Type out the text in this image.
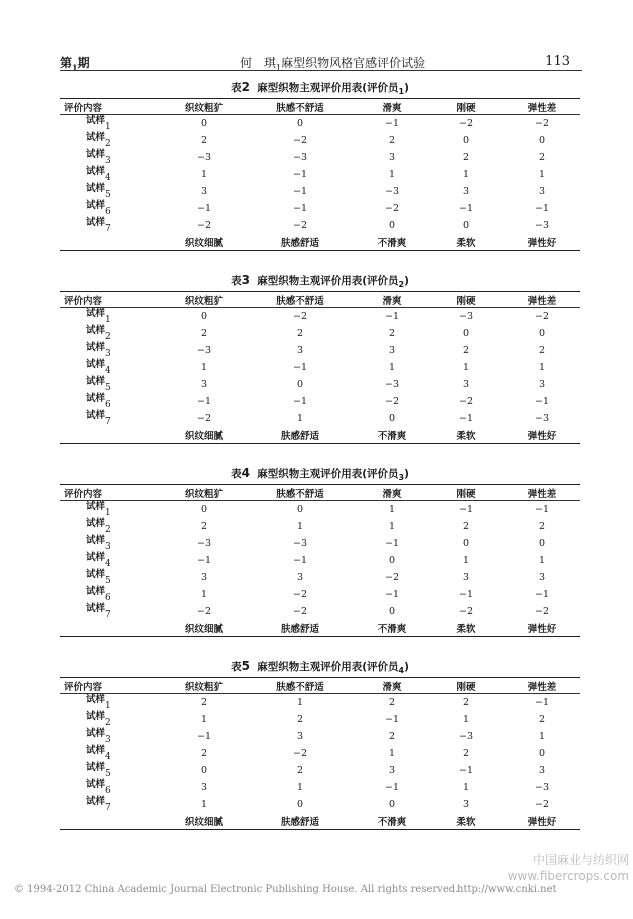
第$_1$期	何　琪$_1$麻型织物风格官感评价试验	113
表2 麻型织物主观评价用表(评价员$_1$)
评价内容	织纹粗犷	肤感不舒适	滑爽	刚硬	弹性差
试样$_1$	0	0	−1	−2	−2
试样$_2$	2	−2	2	0	0
试样$_3$	−3	−3	3	2	2
试样$_4$	1	−1	1	1	1
试样$_5$	3	−1	−3	3	3
试样$_6$	−1	−1	−2	−1	−1
试样$_7$	−2	−2	0	0	−3
	织纹细腻	肤感舒适	不滑爽	柔软	弹性好
表3 麻型织物主观评价用表(评价员$_2$)
评价内容	织纹粗犷	肤感不舒适	滑爽	刚硬	弹性差
试样$_1$	0	−2	−1	−3	−2
试样$_2$	2	2	2	0	0
试样$_3$	−3	3	3	2	2
试样$_4$	1	−1	1	1	1
试样$_5$	3	0	−3	3	3
试样$_6$	−1	−1	−2	−2	−1
试样$_7$	−2	1	0	−1	−3
	织纹细腻	肤感舒适	不滑爽	柔软	弹性好
表4 麻型织物主观评价用表(评价员$_3$)
评价内容	织纹粗犷	肤感不舒适	滑爽	刚硬	弹性差
试样$_1$	0	0	1	−1	−1
试样$_2$	2	1	1	2	2
试样$_3$	−3	−3	−1	0	0
试样$_4$	−1	−1	0	1	1
试样$_5$	3	3	−2	3	3
试样$_6$	1	−2	−1	−1	−1
试样$_7$	−2	−2	0	−2	−2
	织纹细腻	肤感舒适	不滑爽	柔软	弹性好
表5 麻型织物主观评价用表(评价员$_4$)
评价内容	织纹粗犷	肤感不舒适	滑爽	刚硬	弹性差
试样$_1$	2	1	2	2	−1
试样$_2$	1	2	−1	1	2
试样$_3$	−1	3	2	−3	1
试样$_4$	2	−2	1	2	0
试样$_5$	0	2	3	−1	3
试样$_6$	3	1	−1	1	−3
试样$_7$	1	0	0	3	−2
	织纹细腻	肤感舒适	不滑爽	柔软	弹性好
© 1994-2012 China Academic Journal Electronic Publishing House. All rights reserved.
http://www.cnki.net
中国麻业与纺织网
www.fibercrops.com
